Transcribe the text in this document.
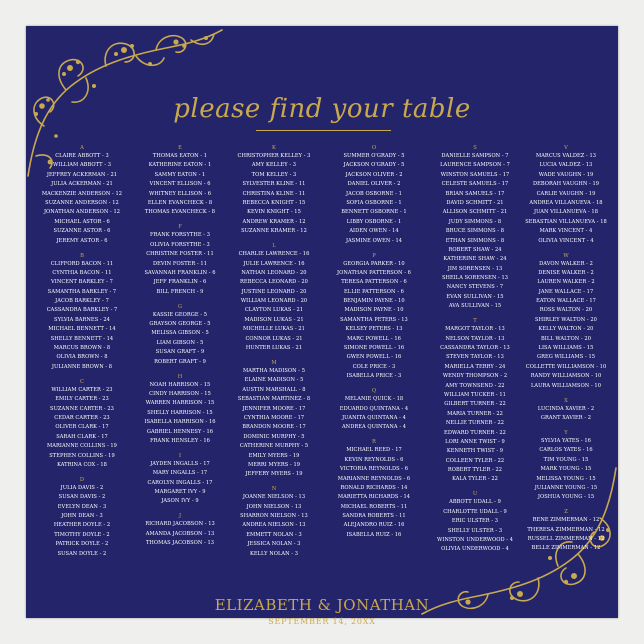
please find your table
A
CLAIRE ABBOTT - 3
WILLIAM ABBOTT - 3
JEFFREY ACKERMAN - 21
JULIA ACKERMAN - 21
MACKENZIE ANDERSON - 12
SUZANNE ANDERSON - 12
JONATHAN ANDERSON - 12
MICHAEL ASTOR - 6
SUZANNE ASTOR - 6
JEREMY ASTOR - 6
B
CLIFFORD BACON - 11
CYNTHIA BACON - 11
VINCENT BARKLEY - 7
SAMANTHA BARKLEY - 7
JACOB BARKLEY - 7
CASSANDRA BARKLEY - 7
SYLVIA BARNES - 24
MICHAEL BENNETT - 14
SHELLY BENNETT - 14
MARCUS BROWN - 8
OLIVIA BROWN - 8
JULIANNE BROWN - 8
C
WILLIAM CARTER - 23
EMILY CARTER - 23
SUZANNE CARTER - 23
CEDAR CARTER - 23
OLIVER CLARK - 17
SARAH CLARK - 17
MARIANNE COLLINS - 19
STEPHEN COLLINS - 19
KATRINA COX - 18
D
JULIA DAVIS - 2
SUSAN DAVIS - 2
EVELYN DEAN - 3
JOHN DEAN - 3
HEATHER DOYLE - 2
TIMOTHY DOYLE - 2
PATRICK DOYLE - 2
SUSAN DOYLE - 2
E
THOMAS EATON - 1
KATHERINE EATON - 1
SAMMY EATON - 1
VINCENT ELLISON - 6
WHITNEY ELLISON - 6
ELLEN EVANCHECK - 8
THOMAS EVANCHECK - 8
F
FRANK FORSYTHE - 3
OLIVIA FORSYTHE - 3
CHRISTINE FOSTER - 11
DEVIN FOSTER - 11
SAVANNAH FRANKLIN - 6
JEFF FRANKLIN - 6
BILL FRENCH - 9
G
KASSIE GEORGE - 5
GRAYSON GEORGE - 5
MELISSA GIBSON - 5
LIAM GIBSON - 5
SUSAN GRAFT - 9
ROBERT GRAFT - 9
H
NOAH HARRISON - 15
CINDY HARRISON - 15
WARREN HARRISON - 15
SHELLY HARRISON - 15
ISABELLA HARRISON - 16
GABRIEL HENNESY - 16
FRANK HENSLEY - 16
I
JAYDEN INGALLS - 17
MARY INGALLS - 17
CAROLYN INGALLS - 17
MARGARET IVY - 9
JASON IVY - 9
J
RICHARD JACOBSON - 13
AMANDA JACOBSON - 13
THOMAS JACOBSON - 13
K
CHRISTOPHER KELLEY - 3
AMY KELLEY - 3
TOM KELLEY - 3
SYLVESTER KLINE - 11
CHRISTINA KLINE - 11
REBECCA KNIGHT - 15
KEVIN KNIGHT - 15
ANDREW KRAMER - 12
SUZANNE KRAMER - 12
L
CHARLIE LAWRENCE - 16
JULIE LAWRENCE - 16
NATHAN LEONARD - 20
REBECCA LEONARD - 20
JUSTINE LEONARD - 20
WILLIAM LEONARD - 20
CLAYTON LUKAS - 21
MADISON LUKAS - 21
MICHELLE LUKAS - 21
CONNOR LUKAS - 21
HUNTER LUKAS - 21
M
MARTHA MADISON - 5
ELAINE MADISON - 5
AUSTIN MARSHALL - 8
SEBASTIAN MARTINEZ - 8
JENNIFER MOORE - 17
CYNTHIA MOORE - 17
BRANDON MOORE - 17
DOMINIC MURPHY - 5
CATHERINE MURPHY - 5
EMILY MYERS - 19
MERRI MYERS - 19
JEFFERY MYERS - 19
N
JOANNE NIELSON - 13
JOHN NIELSON - 13
SHARRON NIELSON - 13
ANDREA NIELSON - 13
EMMETT NOLAN - 3
JESSICA NOLAN - 3
KELLY NOLAN - 3
O
SUMMER O'GRADY - 5
JACKSON O'GRADY - 5
JACKSON OLIVER - 2
DANIEL OLIVER - 2
JACOB OSBORNE - 1
SOFIA OSBORNE - 1
BENNETT OSBORNE - 1
LIBBY OSBORNE - 1
AIDEN OWEN - 14
JASMINE OWEN - 14
P
GEORGIA PARKER - 10
JONATHAN PATTERSON - 6
TERESA PATTERSON - 6
ELLIE PATTERSON - 6
BENJAMIN PAYNE - 10
MADISON PAYNE - 10
SAMANTHA PETERS - 13
KELSEY PETERS - 13
MARC POWELL - 16
SIMONE POWELL - 16
GWEN POWELL - 16
COLE PRICE - 3
ISABELLA PRICE - 3
Q
MELANIE QUICK - 18
EDUARDO QUINTANA - 4
JUANITA QUINTANA - 4
ANDREA QUINTANA - 4
R
MICHAEL REED - 17
KEVIN REYNOLDS - 6
VICTORIA REYNOLDS - 6
MARIANNE REYNOLDS - 6
RONALD RICHARDS - 14
MARIETTA RICHARDS - 14
MICHAEL ROBERTS - 11
SANDRA ROBERTS - 11
ALEJANDRO RUIZ - 16
ISABELLA RUIZ - 16
S
DANIELLE SAMPSON - 7
LAURENCE SAMPSON - 7
WINSTON SAMUELS - 17
CELESTE SAMUELS - 17
BRIAN SAMUELS - 17
DAVID SCHMITT - 21
ALLISON SCHMITT - 21
JUDY SIMMONS - 8
BRUCE SIMMONS - 8
ETHAN SIMMONS - 8
ROBERT SHAW - 24
KATHERINE SHAW - 24
JIM SORENSEN - 13
SHEILA SORENSEN - 13
NANCY STEVENS - 7
EVAN SULLIVAN - 15
AVA SULLIVAN - 15
T
MARGOT TAYLOR - 13
NELSON TAYLOR - 13
CASSANDRA TAYLOR - 13
STEVEN TAYLOR - 13
MARIELLA TERRY - 24
WENDY THOMPSON - 2
AMY TOWNSEND - 22
WILLIAM TUCKER - 11
GILBERT TURNER - 22
MARIA TURNER - 22
NELLIE TURNER - 22
EDWARD TURNER - 22
LORI ANNE TWIST - 9
KENNETH TWIST - 9
COLLEEN TYLER - 22
ROBERT TYLER - 22
KALA TYLER - 22
U
ABBOTT UDALL - 9
CHARLOTTE UDALL - 9
ERIC ULSTER - 3
SHELLY ULSTER - 3
WINSTON UNDERWOOD - 4
OLIVIA UNDERWOOD - 4
V
MARCUS VALDEZ - 13
LUCIA VALDEZ - 13
WADE VAUGHN - 19
DEBORAH VAUGHN - 19
CARLIE VAUGHN - 19
ANDREA VILLANUEVA - 18
JUAN VILLANUEVA - 18
SEBASTIAN VILLANUEVA - 18
MARK VINCENT - 4
OLIVIA VINCENT - 4
W
DAVON WALKER - 2
DENISE WALKER - 2
LAUREN WALKER - 2
JANE WALLACE - 17
EATON WALLACE - 17
ROSS WALTON - 20
SHIRLEY WALTON - 20
KELLY WALTON - 20
BILL WALTON - 20
LISA WILLIAMS - 15
GREG WILLIAMS - 15
COLLETTE WILLIAMSON - 10
RANDY WILLIAMSON - 10
LAURA WILLIAMSON - 10
X
LUCINDA XAVIER - 2
GRANT XAVIER - 2
Y
SYLVIA YATES - 16
CARLOS YATES - 16
TIM YOUNG - 15
MARK YOUNG - 15
MELISSA YOUNG - 15
JULIANNE YOUNG - 15
JOSHUA YOUNG - 15
Z
RENE ZIMMERMAN - 12
THERESA ZIMMERMAN - 12
RUSSELL ZIMMERMAN - 12
BELLE ZIMMERMAN - 12
ELIZABETH & JONATHAN
SEPTEMBER 14, 20XX
